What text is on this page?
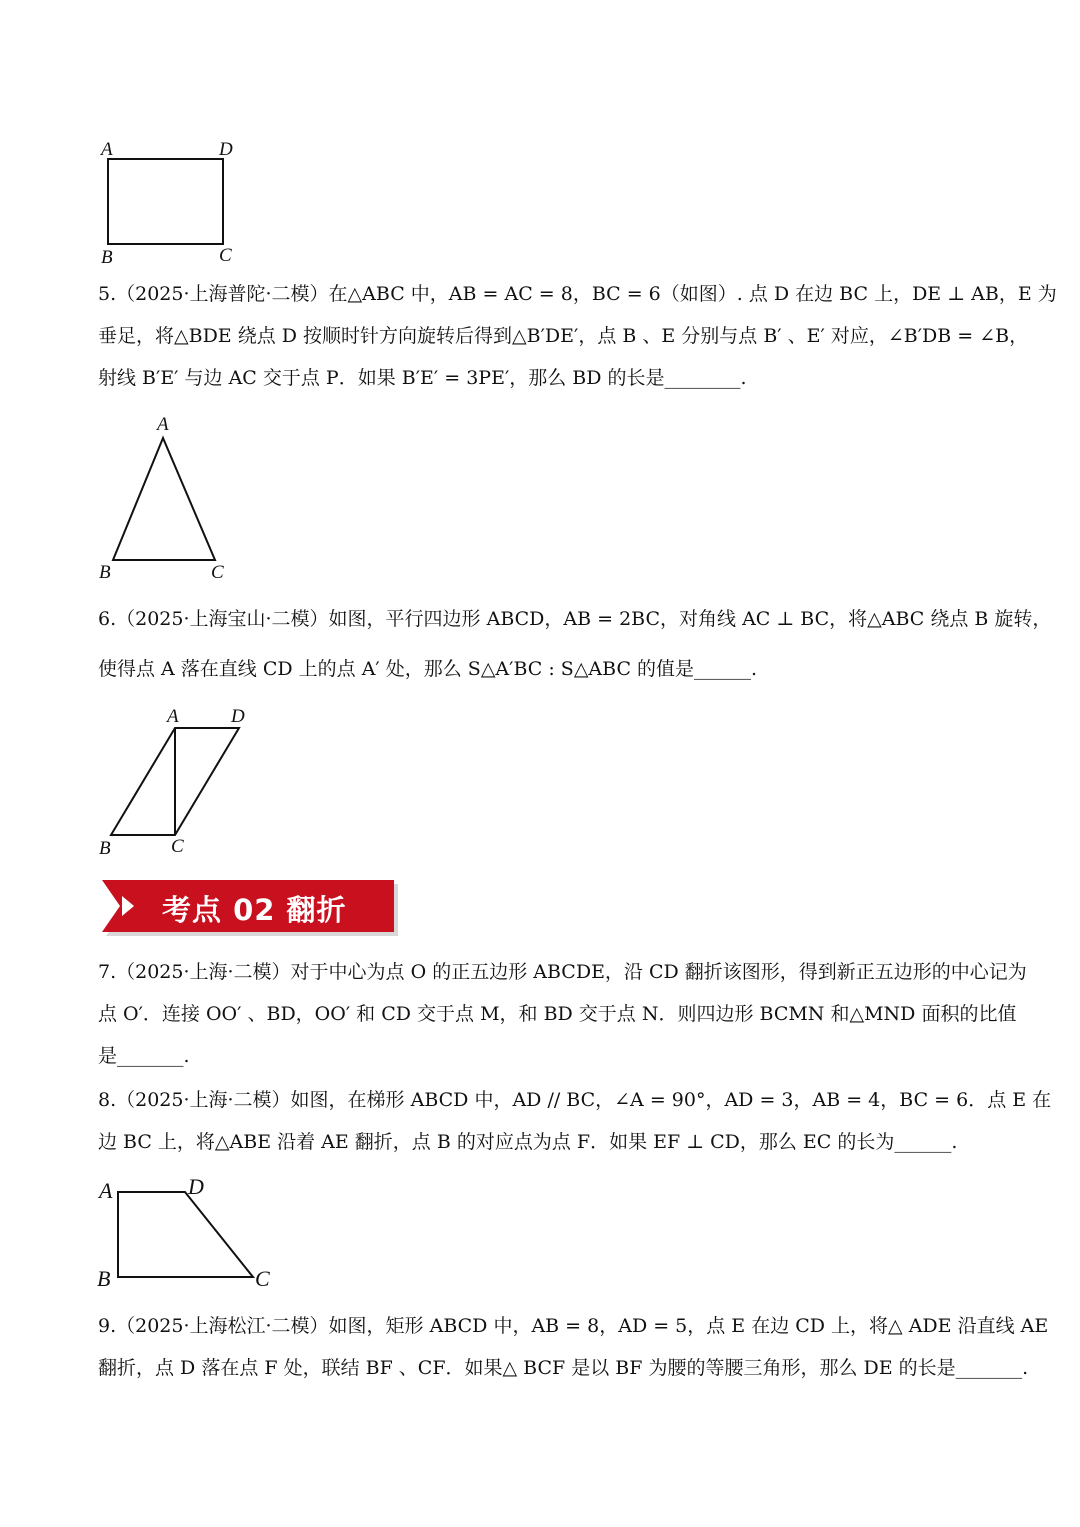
A	D
B	C
5.（2025·上海普陀·二模）在△ABC 中，AB = AC = 8，BC = 6（如图）. 点 D 在边 BC 上，DE ⊥ AB，E 为
垂足，将△BDE 绕点 D 按顺时针方向旋转后得到△B′DE′，点 B 、E 分别与点 B′ 、E′ 对应，∠B′DB = ∠B，
射线 B′E′ 与边 AC 交于点 P．如果 B′E′ = 3PE′，那么 BD 的长是________.
A
B	C
6.（2025·上海宝山·二模）如图，平行四边形 ABCD，AB = 2BC，对角线 AC ⊥ BC，将△ABC 绕点 B 旋转，
使得点 A 落在直线 CD 上的点 A′ 处，那么 S△A′BC : S△ABC 的值是______.
A	D
B	C
考点 02 翻折
7.（2025·上海·二模）对于中心为点 O 的正五边形 ABCDE，沿 CD 翻折该图形，得到新正五边形的中心记为
点 O′．连接 OO′ 、BD，OO′ 和 CD 交于点 M，和 BD 交于点 N．则四边形 BCMN 和△MND 面积的比值
是_______.
8.（2025·上海·二模）如图，在梯形 ABCD 中，AD // BC，∠A = 90°，AD = 3，AB = 4，BC = 6．点 E 在
边 BC 上，将△ABE 沿着 AE 翻折，点 B 的对应点为点 F．如果 EF ⊥ CD，那么 EC 的长为______.
A	D
B	C
9.（2025·上海松江·二模）如图，矩形 ABCD 中，AB = 8，AD = 5，点 E 在边 CD 上，将△ ADE 沿直线 AE
翻折，点 D 落在点 F 处，联结 BF 、CF．如果△ BCF 是以 BF 为腰的等腰三角形，那么 DE 的长是_______.
